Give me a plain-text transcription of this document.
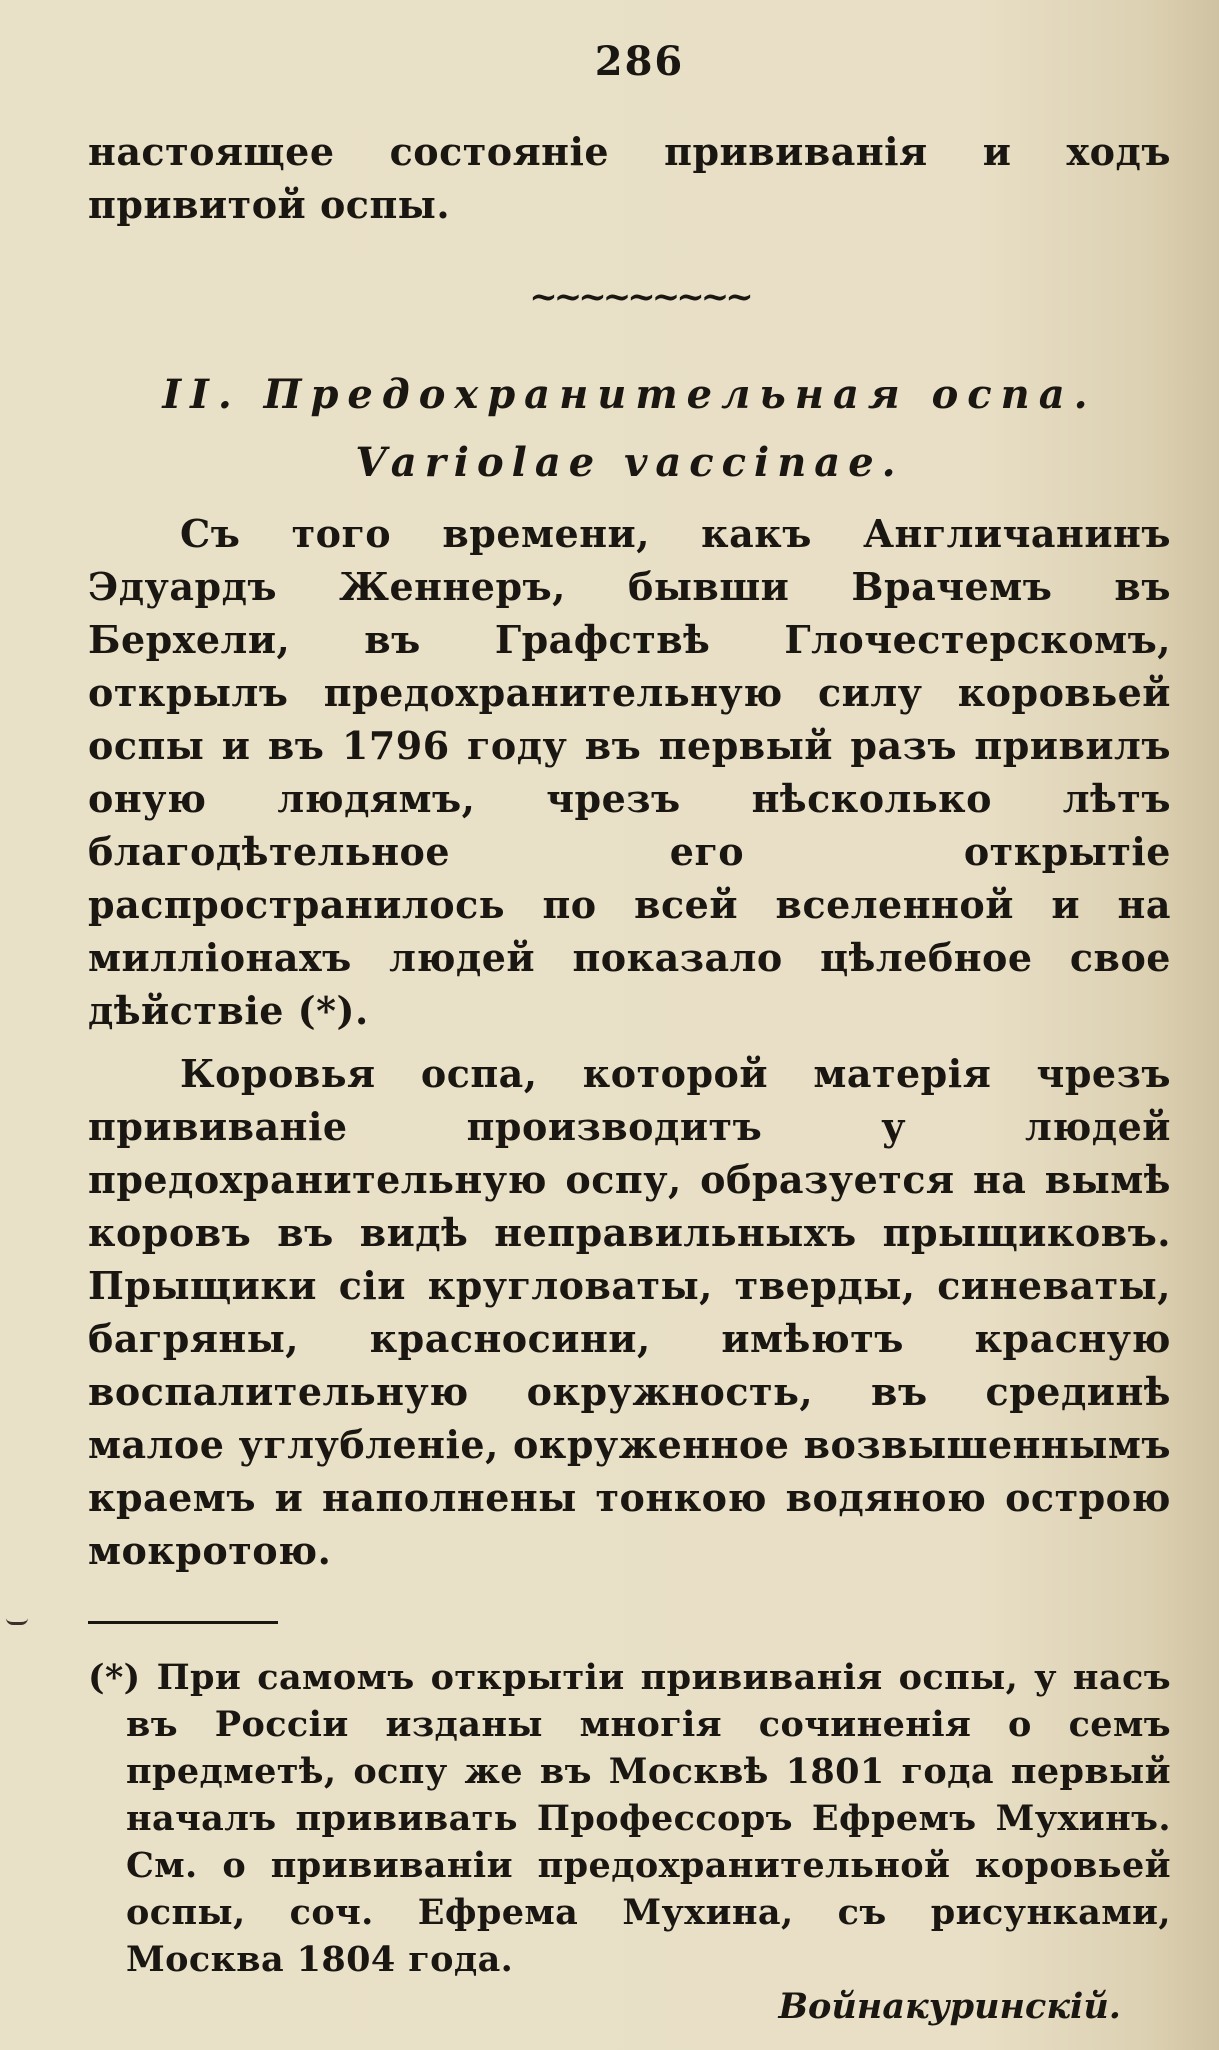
286

настоящее состоянiе прививанiя и ходъ привитой оспы.

~~~~~~~~~
II. Предохранительная оспа.
Variolae vaccinae.

Съ того времени, какъ Англичанинъ Эдуардъ Женнеръ, бывши Врачемъ въ Берхели, въ Графствѣ Глочестерскомъ, открылъ предохранительную силу коровьей оспы и въ 1796 году въ первый разъ привилъ оную людямъ, чрезъ нѣсколько лѣтъ благодѣтельное его открытiе распространилось по всей вселенной и на миллiонахъ людей показало цѣлебное свое дѣйствiе (*).

Коровья оспа, которой матерiя чрезъ прививанiе производитъ у людей предохранительную оспу, образуется на вымѣ коровъ въ видѣ неправильныхъ прыщиковъ. Прыщики сiи кругловаты, тверды, синеваты, багряны, красносини, имѣютъ красную воспалительную окружность, въ срединѣ малое углубленiе, окруженное возвышеннымъ краемъ и наполнены тонкою водяною острою мокротою.

(*) При самомъ открытiи прививанiя оспы, у насъ въ Россiи изданы многiя сочиненiя о семъ предметѣ, оспу же въ Москвѣ 1801 года первый началъ прививать Профессоръ Ефремъ Мухинъ. См. о прививанiи предохранительной коровьей оспы, соч. Ефрема Мухина, съ рисунками, Москва 1804 года.

Войнакуринскiй.
